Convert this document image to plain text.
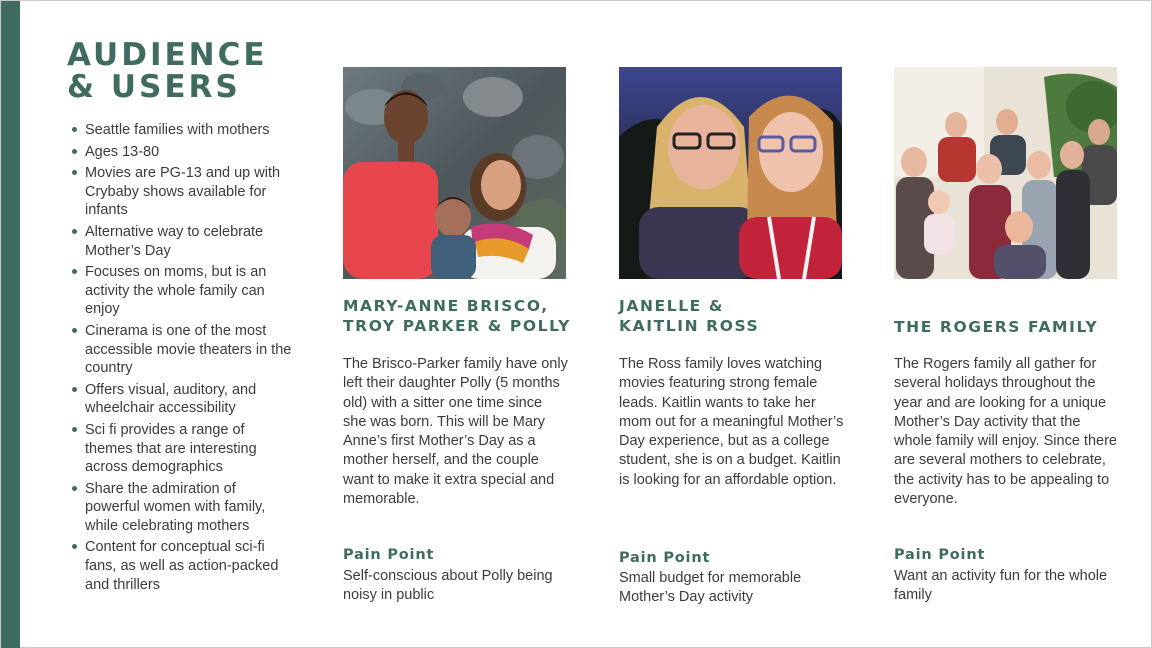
AUDIENCE
& USERS
Seattle families with mothers
Ages 13-80
Movies are PG-13 and up with Crybaby shows available for infants
Alternative way to celebrate Mother’s Day
Focuses on moms, but is an activity the whole family can enjoy
Cinerama is one of the most accessible movie theaters in the country
Offers visual, auditory, and wheelchair accessibility
Sci fi provides a range of themes that are interesting across demographics
Share the admiration of powerful women with family, while celebrating mothers
Content for conceptual sci-fi fans, as well as action-packed and thrillers
MARY-ANNE BRISCO,
TROY PARKER & POLLY
The Brisco-Parker family have only left their daughter Polly (5 months old) with a sitter one time since she was born. This will be Mary Anne’s first Mother’s Day as a mother herself, and the couple want to make it extra special and memorable.
Pain Point
Self-conscious about Polly being noisy in public
JANELLE &
KAITLIN ROSS
The Ross family loves watching movies featuring strong female leads. Kaitlin wants to take her mom out for a meaningful Mother’s Day experience, but as a college student, she is on a budget. Kaitlin is looking for an affordable option.
Pain Point
Small budget for memorable Mother’s Day activity
THE ROGERS FAMILY
The Rogers family all gather for several holidays throughout the year and are looking for a unique Mother’s Day activity that the whole family will enjoy. Since there are several mothers to celebrate, the activity has to be appealing to everyone.
Pain Point
Want an activity fun for the whole family
